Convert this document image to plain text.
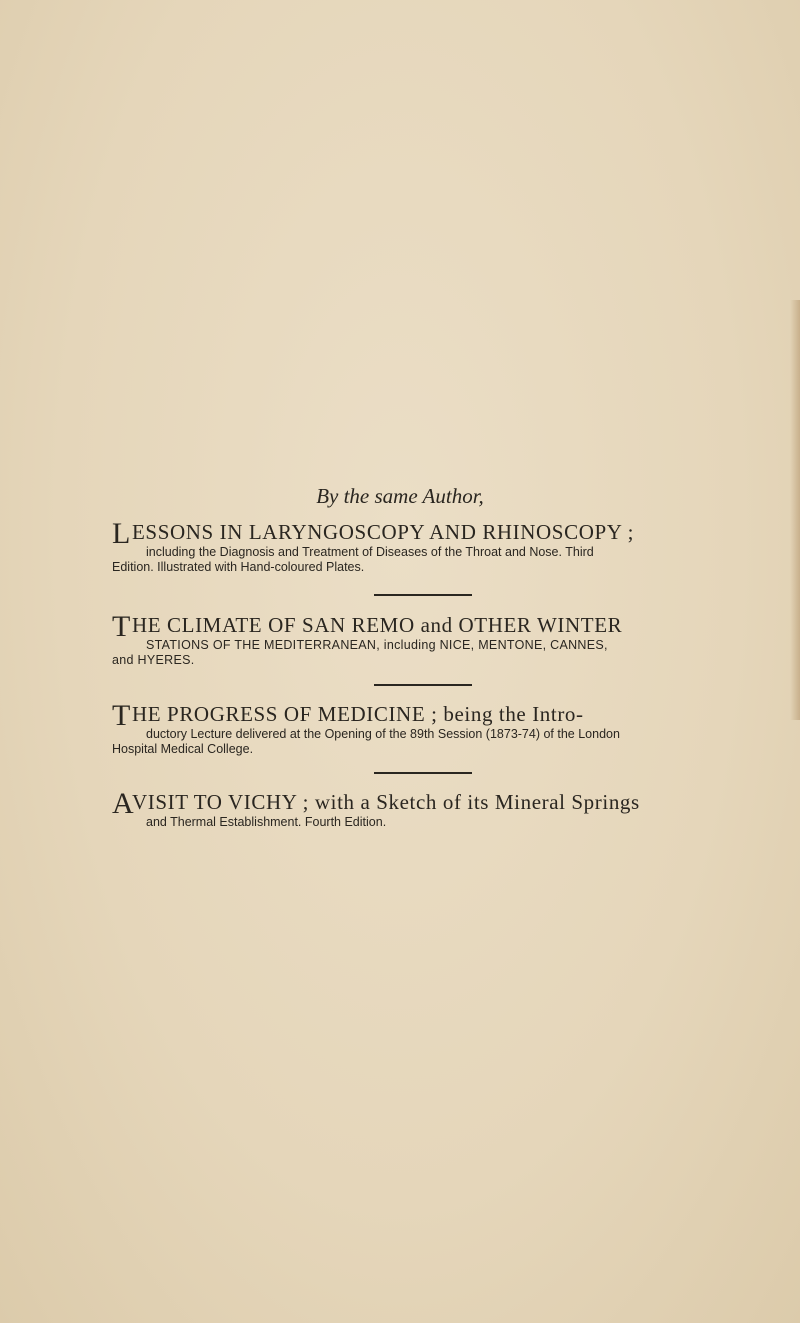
By the same Author,
L ESSONS IN LARYNGOSCOPY AND RHINOSCOPY ;
including the Diagnosis and Treatment of Diseases of the Throat and Nose. Third
Edition. Illustrated with Hand-coloured Plates.
T HE CLIMATE OF SAN REMO and OTHER WINTER
STATIONS OF THE MEDITERRANEAN, including NICE, MENTONE, CANNES,
and HYERES.
T HE PROGRESS OF MEDICINE ; being the Intro-
ductory Lecture delivered at the Opening of the 89th Session (1873-74) of the London
Hospital Medical College.
A
VISIT TO VICHY ; with a Sketch of its Mineral Springs
and Thermal Establishment. Fourth Edition.
